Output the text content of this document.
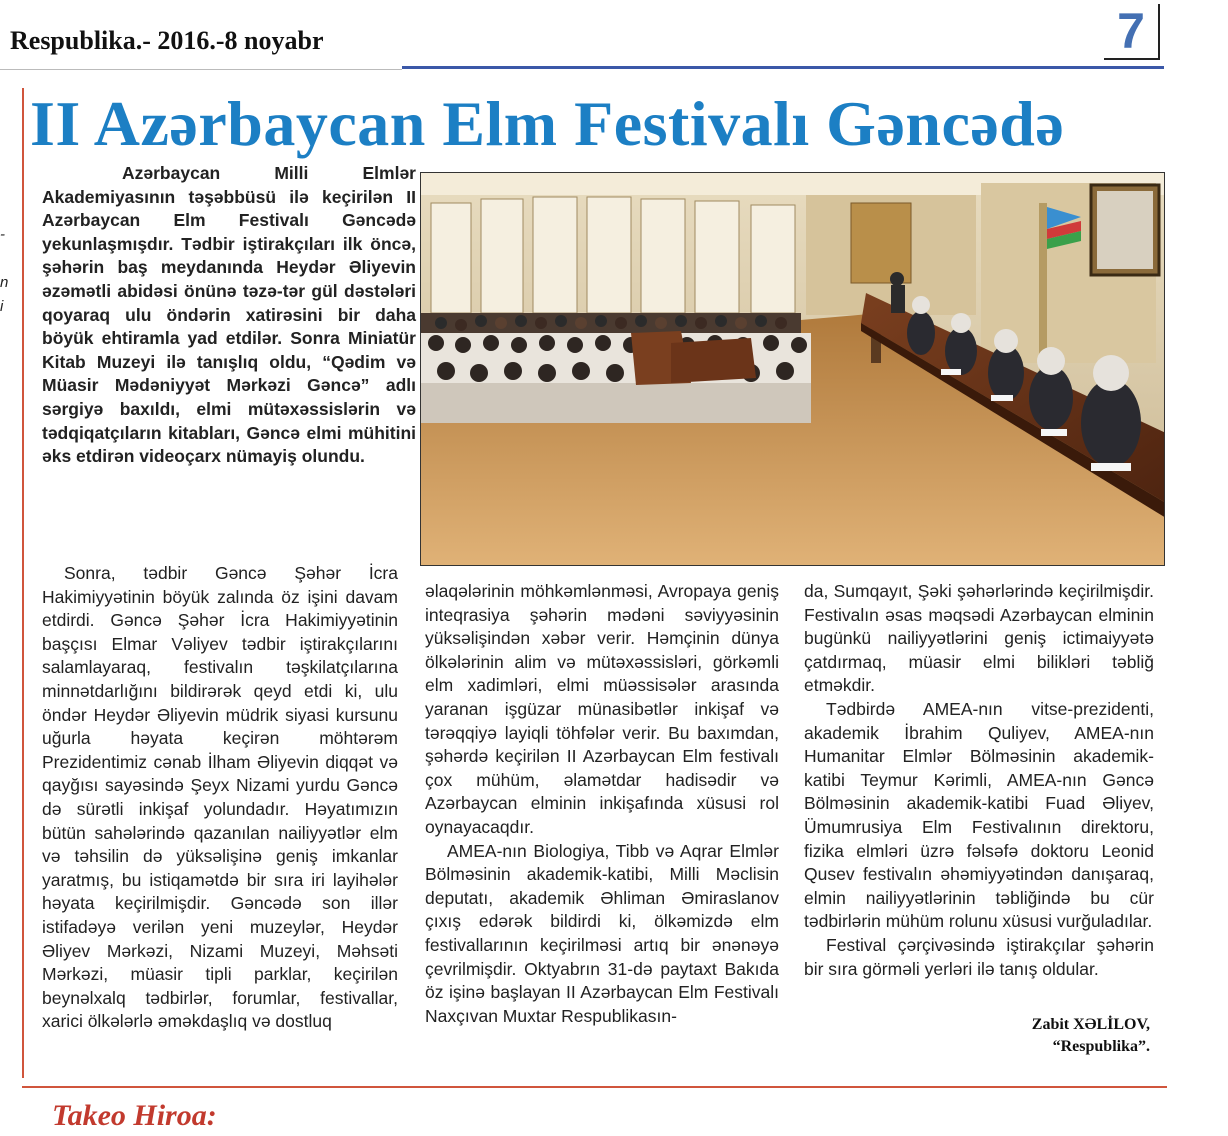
Respublika.- 2016.-8 noyabr	7
-
n
i
II Azərbaycan Elm Festivalı Gəncədə

Azərbaycan Milli Elmlər Akademiyasının təşəbbüsü ilə keçirilən II Azərbaycan Elm Festivalı Gəncədə yekunlaşmışdır. Tədbir iştirakçıları ilk öncə, şəhərin baş meydanında Heydər Əliyevin əzəmətli abidəsi önünə təzə-tər gül dəstələri qoyaraq ulu öndərin xatirəsini bir daha böyük ehtiramla yad etdilər. Sonra Miniatür Kitab Muzeyi ilə tanışlıq oldu, “Qədim və Müasir Mədəniyyət Mərkəzi Gəncə” adlı sərgiyə baxıldı, elmi mütəxəssislərin və tədqiqatçıların kitabları, Gəncə elmi mühitini əks etdirən videoçarx nümayiş olundu.

Sonra, tədbir Gəncə Şəhər İcra Hakimiyyətinin böyük zalında öz işini davam etdirdi. Gəncə Şəhər İcra Hakimiyyətinin başçısı Elmar Vəliyev tədbir iştirakçılarını salamlayaraq, festivalın təşkilatçılarına minnətdarlığını bildirərək qeyd etdi ki, ulu öndər Heydər Əliyevin müdrik siyasi kursunu uğurla həyata keçirən möhtərəm Prezidentimiz cənab İlham Əliyevin diqqət və qayğısı sayəsində Şeyx Nizami yurdu Gəncə də sürətli inkişaf yolundadır. Həyatımızın bütün sahələrində qazanılan nailiyyətlər elm və təhsilin də yüksəlişinə geniş imkanlar yaratmış, bu istiqamətdə bir sıra iri layihələr həyata keçirilmişdir. Gəncədə son illər istifadəyə verilən yeni muzeylər, Heydər Əliyev Mərkəzi, Nizami Muzeyi, Məhsəti Mərkəzi, müasir tipli parklar, keçirilən beynəlxalq tədbirlər, forumlar, festivallar, xarici ölkələrlə əməkdaşlıq və dostluq

əlaqələrinin möhkəmlənməsi, Avropaya geniş inteqrasiya şəhərin mədəni səviyyəsinin yüksəlişindən xəbər verir. Həmçinin dünya ölkələrinin alim və mütəxəssisləri, görkəmli elm xadimləri, elmi müəssisələr arasında yaranan işgüzar münasibətlər inkişaf və tərəqqiyə layiqli töhfələr verir. Bu baxımdan, şəhərdə keçirilən II Azərbaycan Elm festivalı çox mühüm, əlamətdar hadisədir və Azərbaycan elminin inkişafında xüsusi rol oynayacaqdır.

AMEA-nın Biologiya, Tibb və Aqrar Elmlər Bölməsinin akademik-katibi, Milli Məclisin deputatı, akademik Əhliman Əmiraslanov çıxış edərək bildirdi ki, ölkəmizdə elm festivallarının keçirilməsi artıq bir ənənəyə çevrilmişdir. Oktyabrın 31-də paytaxt Bakıda öz işinə başlayan II Azərbaycan Elm Festivalı Naxçıvan Muxtar Respublikasın-

da, Sumqayıt, Şəki şəhərlərində keçirilmişdir. Festivalın əsas məqsədi Azərbaycan elminin bugünkü nailiyyətlərini geniş ictimaiyyətə çatdırmaq, müasir elmi bilikləri təbliğ etməkdir.

Tədbirdə AMEA-nın vitse-prezidenti, akademik İbrahim Quliyev, AMEA-nın Humanitar Elmlər Bölməsinin akademik-katibi Teymur Kərimli, AMEA-nın Gəncə Bölməsinin akademik-katibi Fuad Əliyev, Ümumrusiya Elm Festivalının direktoru, fizika elmləri üzrə fəlsəfə doktoru Leonid Qusev festivalın əhəmiyyətindən danışaraq, elmin nailiyyətlərinin təbliğində bu cür tədbirlərin mühüm rolunu xüsusi vurğuladılar.

Festival çərçivəsində iştirakçılar şəhərin bir sıra görməli yerləri ilə tanış oldular.

Zabit XƏLİLOV,
“Respublika”.
Takeo Hiroa:
